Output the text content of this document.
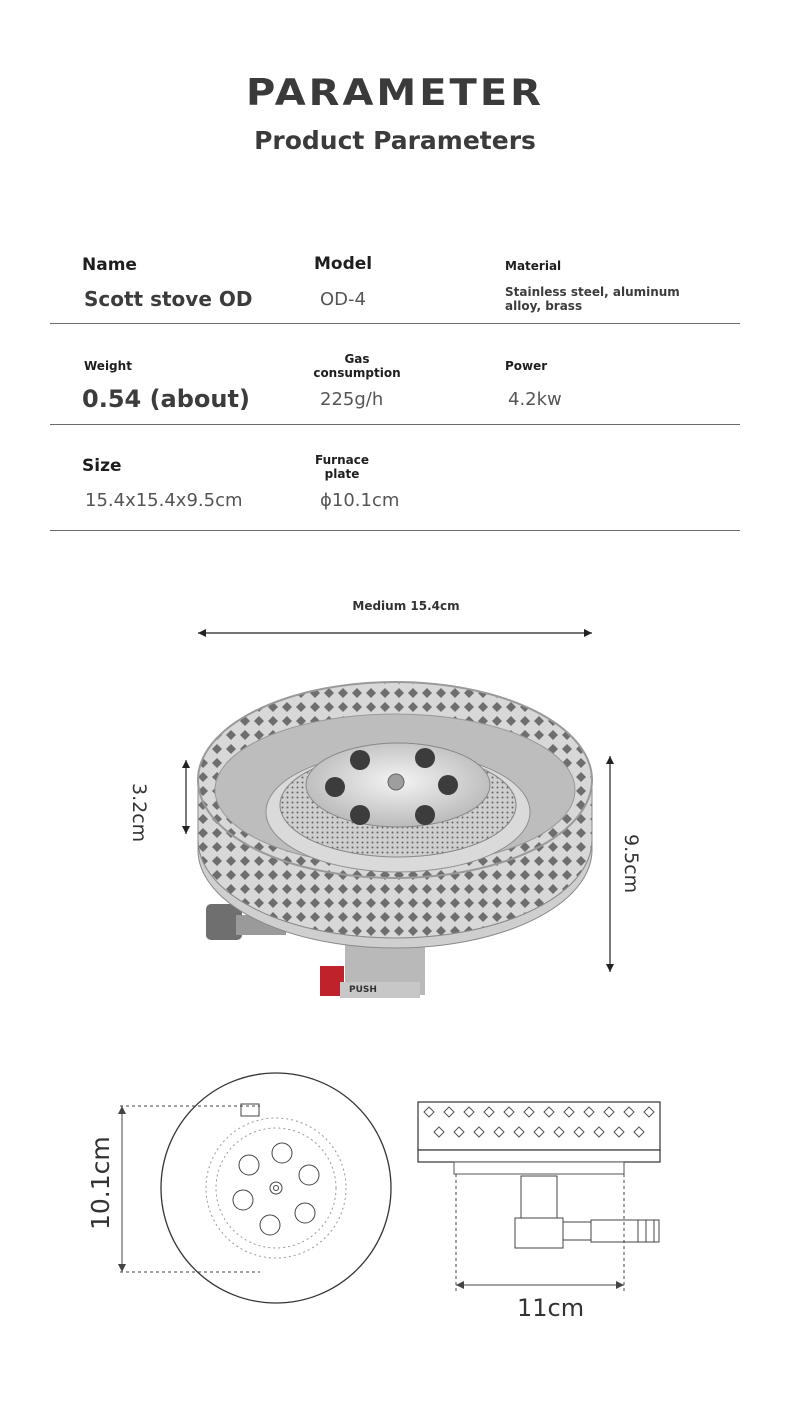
PARAMETER
Product Parameters
Name
Scott stove OD
Model
OD-4
Material
Stainless steel, aluminum alloy, brass
Weight
0.54 (about)
Gas consumption
225g/h
Power
4.2kw
Size
15.4x15.4x9.5cm
Furnace plate
ϕ10.1cm
Medium 15.4cm
3.2cm
9.5cm
PUSH
10.1cm
11cm
